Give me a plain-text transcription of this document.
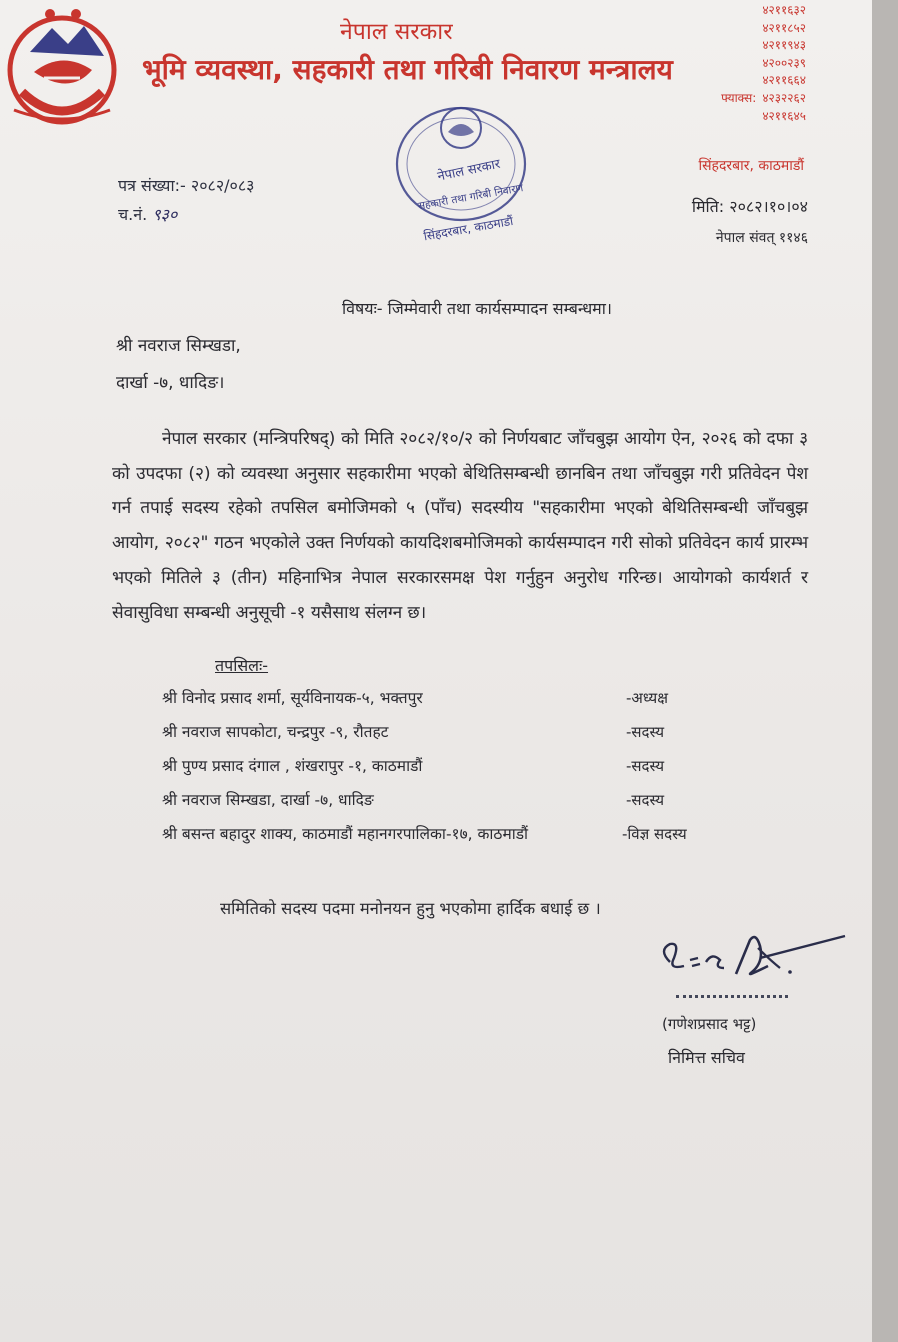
नेपाल सरकार
भूमि व्यवस्था, सहकारी तथा गरिबी निवारण मन्त्रालय
४२११६३२
४२११८५२
४२११९४३
४२००२३९
४२११६६४
फ्याक्स: ४२३२२६२
४२११६४५
सिंहदरबार, काठमाडौं
नेपाल सरकार
सहकारी तथा गरिबी निवारण
सिंहदरबार, काठमाडौं
पत्र संख्या:- २०८२/०८३
च.नं. ९३०	मिति: २०८२।१०।०४
नेपाल संवत् ११४६
विषयः- जिम्मेवारी तथा कार्यसम्पादन सम्बन्धमा।
श्री नवराज सिम्खडा,
दार्खा -७, धादिङ।

नेपाल सरकार (मन्त्रिपरिषद्) को मिति २०८२/१०/२ को निर्णयबाट जाँचबुझ आयोग ऐन, २०२६ को दफा ३ को उपदफा (२) को व्यवस्था अनुसार सहकारीमा भएको बेथितिसम्बन्धी छानबिन तथा जाँचबुझ गरी प्रतिवेदन पेश गर्न तपाई सदस्य रहेको तपसिल बमोजिमको ५ (पाँच) सदस्यीय "सहकारीमा भएको बेथितिसम्बन्धी जाँचबुझ आयोग, २०८२" गठन भएकोले उक्त निर्णयको कायदिशबमोजिमको कार्यसम्पादन गरी सोको प्रतिवेदन कार्य प्रारम्भ भएको मितिले ३ (तीन) महिनाभित्र नेपाल सरकारसमक्ष पेश गर्नुहुन अनुरोध गरिन्छ। आयोगको कार्यशर्त र सेवासुविधा सम्बन्धी अनुसूची -१ यसैसाथ संलग्न छ।

तपसिलः-
श्री विनोद प्रसाद शर्मा, सूर्यविनायक-५, भक्तपुर	-अध्यक्ष
श्री नवराज सापकोटा, चन्द्रपुर -९, रौतहट	-सदस्य
श्री पुण्य प्रसाद दंगाल , शंखरापुर -१, काठमाडौं	-सदस्य
श्री नवराज सिम्खडा, दार्खा -७, धादिङ	-सदस्य
श्री बसन्त बहादुर शाक्य, काठमाडौं महानगरपालिका-१७, काठमाडौं	-विज्ञ सदस्य
समितिको सदस्य पदमा मनोनयन हुनु भएकोमा हार्दिक बधाई छ ।
(गणेशप्रसाद भट्ट)
निमित्त सचिव
